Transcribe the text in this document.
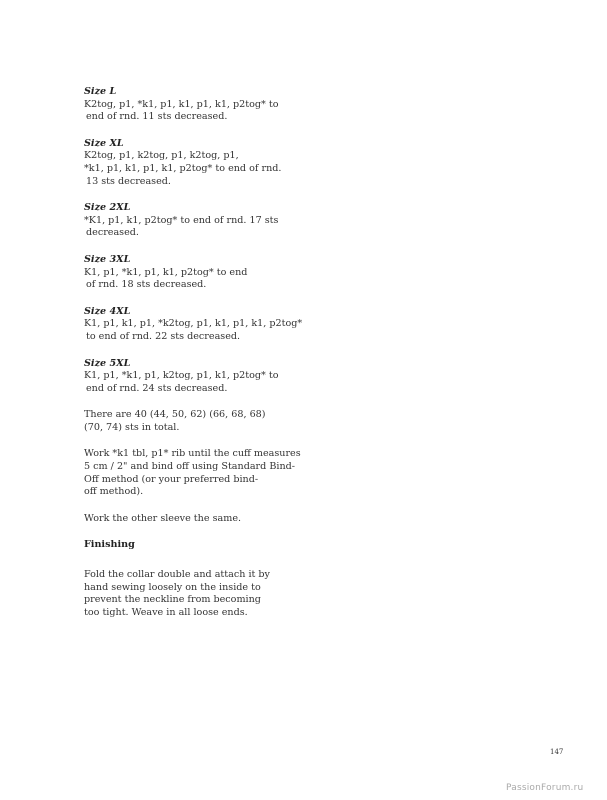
Size L

K2tog, p1, *k1, p1, k1, p1, k1, p2tog* to

end of rnd. 11 sts decreased.

Size XL

K2tog, p1, k2tog, p1, k2tog, p1,

*k1, p1, k1, p1, k1, p2tog* to end of rnd.

13 sts decreased.

Size 2XL

*K1, p1, k1, p2tog* to end of rnd. 17 sts

decreased.

Size 3XL

K1, p1, *k1, p1, k1, p2tog* to end

of rnd. 18 sts decreased.

Size 4XL

K1, p1, k1, p1, *k2tog, p1, k1, p1, k1, p2tog*

to end of rnd. 22 sts decreased.

Size 5XL

K1, p1, *k1, p1, k2tog, p1, k1, p2tog* to

end of rnd. 24 sts decreased.

There are 40 (44, 50, 62) (66, 68, 68)

(70, 74) sts in total.

Work *k1 tbl, p1* rib until the cuff measures

5 cm / 2" and bind off using Standard Bind-

Off method (or your preferred bind-

off method).

Work the other sleeve the same.

Finishing

Fold the collar double and attach it by

hand sewing loosely on the inside to

prevent the neckline from becoming

too tight. Weave in all loose ends.

147
PassionForum.ru
